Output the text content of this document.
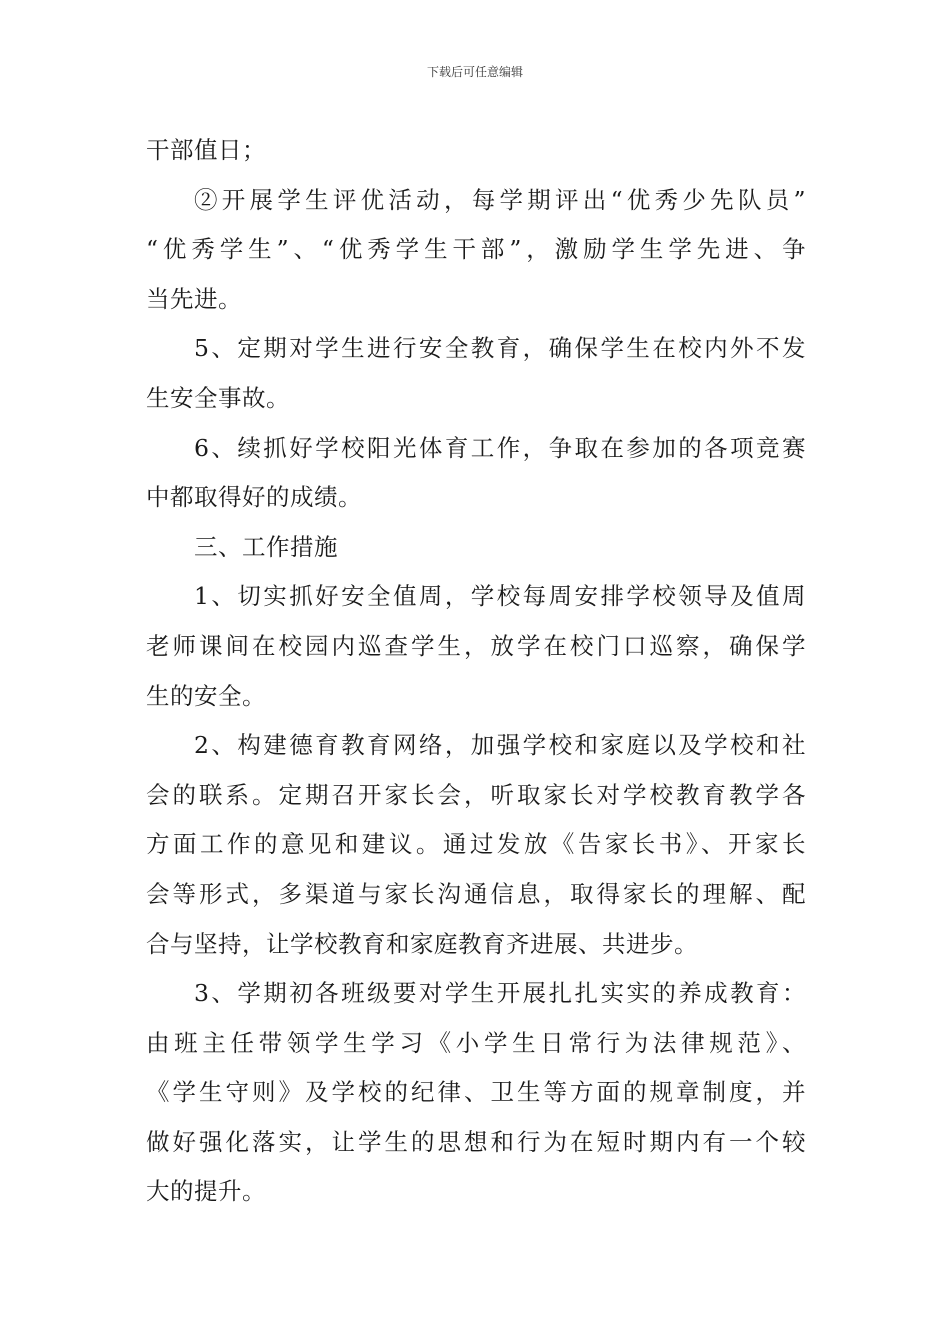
下载后可任意编辑
干部值日；
②开展学生评优活动，每学期评出“优秀少先队员”
“优秀学生”、“优秀学生干部”，激励学生学先进、争
当先进。
5、定期对学生进行安全教育，确保学生在校内外不发
生安全事故。
6、续抓好学校阳光体育工作，争取在参加的各项竞赛
中都取得好的成绩。
三、工作措施
1、切实抓好安全值周，学校每周安排学校领导及值周
老师课间在校园内巡查学生，放学在校门口巡察，确保学
生的安全。
2、构建德育教育网络，加强学校和家庭以及学校和社
会的联系。定期召开家长会，听取家长对学校教育教学各
方面工作的意见和建议。通过发放《告家长书》、开家长
会等形式，多渠道与家长沟通信息，取得家长的理解、配
合与坚持，让学校教育和家庭教育齐进展、共进步。
3、学期初各班级要对学生开展扎扎实实的养成教育：
由班主任带领学生学习《小学生日常行为法律规范》、
《学生守则》及学校的纪律、卫生等方面的规章制度，并
做好强化落实，让学生的思想和行为在短时期内有一个较
大的提升。
